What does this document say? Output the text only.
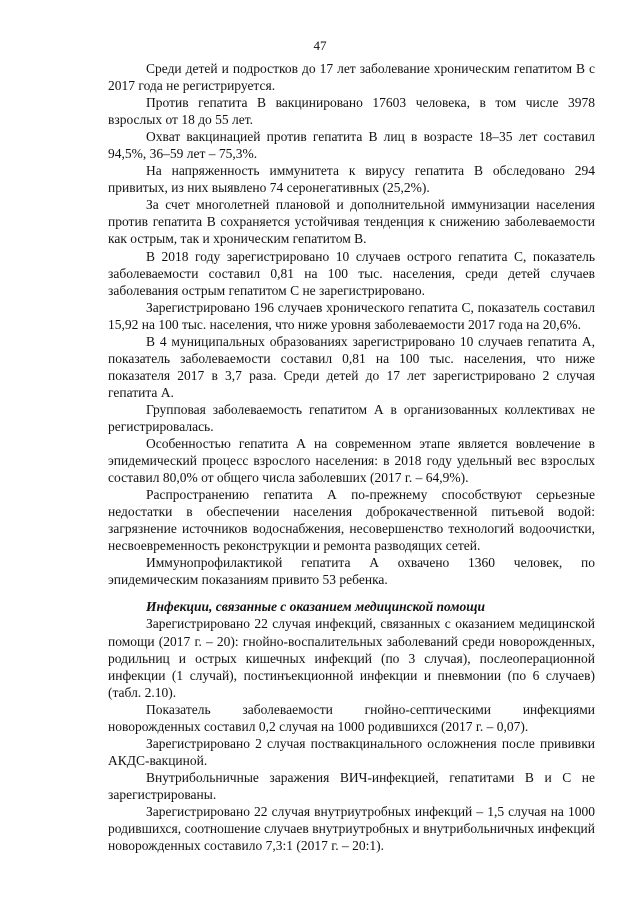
47

Среди детей и подростков до 17 лет заболевание хроническим гепатитом В с 2017 года не регистрируется.

Против гепатита В вакцинировано 17603 человека, в том числе 3978 взрослых от 18 до 55 лет.

Охват вакцинацией против гепатита В лиц в возрасте 18–35 лет составил 94,5%, 36–59 лет – 75,3%.

На напряженность иммунитета к вирусу гепатита В обследовано 294 привитых, из них выявлено 74 серонегативных (25,2%).

За счет многолетней плановой и дополнительной иммунизации населения против гепатита В сохраняется устойчивая тенденция к снижению заболеваемости как острым, так и хроническим гепатитом В.

В 2018 году зарегистрировано 10 случаев острого гепатита С, показатель заболеваемости составил 0,81 на 100 тыс. населения, среди детей случаев заболевания острым гепатитом С не зарегистрировано.

Зарегистрировано 196 случаев хронического гепатита С, показатель составил 15,92 на 100 тыс. населения, что ниже уровня заболеваемости 2017 года на 20,6%.

В 4 муниципальных образованиях зарегистрировано 10 случаев гепатита А, показатель заболеваемости составил 0,81 на 100 тыс. населения, что ниже показателя 2017 в 3,7 раза. Среди детей до 17 лет зарегистрировано 2 случая гепатита А.

Групповая заболеваемость гепатитом А в организованных коллективах не регистрировалась.

Особенностью гепатита А на современном этапе является вовлечение в эпидемический процесс взрослого населения: в 2018 году удельный вес взрослых составил 80,0% от общего числа заболевших (2017 г. – 64,9%).

Распространению гепатита А по-прежнему способствуют серьезные недостатки в обеспечении населения доброкачественной питьевой водой: загрязнение источников водоснабжения, несовершенство технологий водоочистки, несвоевременность реконструкции и ремонта разводящих сетей.

Иммунопрофилактикой гепатита А охвачено 1360 человек, по эпидемическим показаниям привито 53 ребенка.

Инфекции, связанные с оказанием медицинской помощи

Зарегистрировано 22 случая инфекций, связанных с оказанием медицинской помощи (2017 г. – 20): гнойно-воспалительных заболеваний среди новорожденных, родильниц и острых кишечных инфекций (по 3 случая), послеоперационной инфекции (1 случай), постинъекционной инфекции и пневмонии (по 6 случаев) (табл. 2.10).

Показатель заболеваемости гнойно-септическими инфекциями новорожденных составил 0,2 случая на 1000 родившихся (2017 г. – 0,07).

Зарегистрировано 2 случая поствакцинального осложнения после прививки АКДС-вакциной.

Внутрибольничные заражения ВИЧ-инфекцией, гепатитами В и С не зарегистрированы.

Зарегистрировано 22 случая внутриутробных инфекций – 1,5 случая на 1000 родившихся, соотношение случаев внутриутробных и внутрибольничных инфекций новорожденных составило 7,3:1 (2017 г. – 20:1).
